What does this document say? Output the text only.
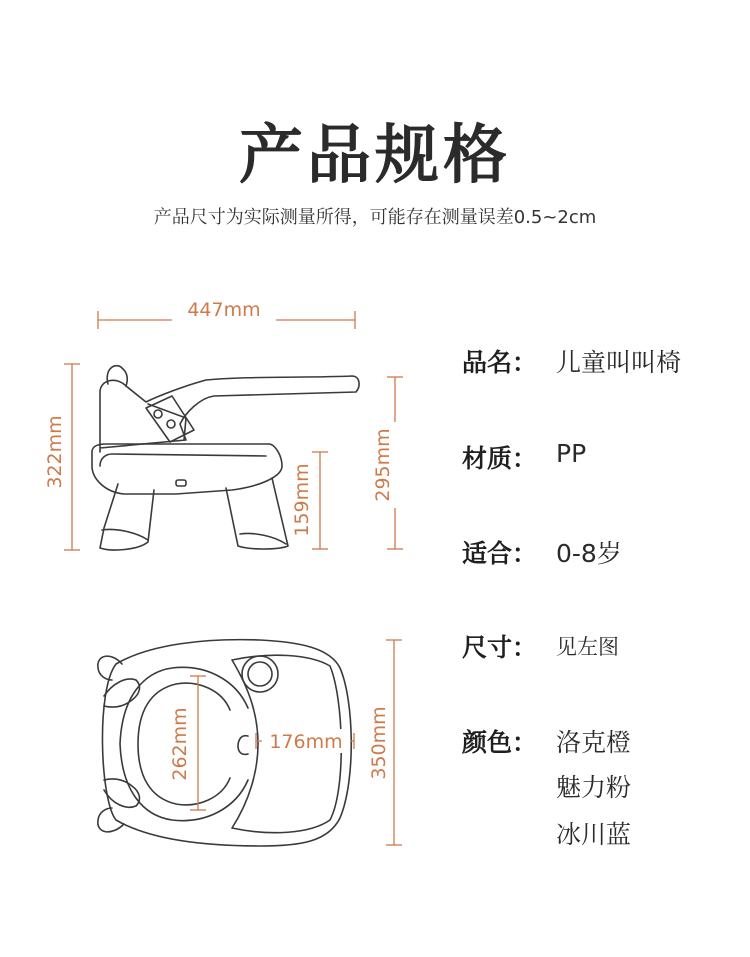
产品规格
产品尺寸为实际测量所得，可能存在测量误差0.5~2cm
447mm
322mm	295mm
159mm
262mm	176mm 350mm
品名： 儿童叫叫椅
材质： PP
适合： 0-8岁
尺寸： 见左图
颜色： 洛克橙
魅力粉
冰川蓝
